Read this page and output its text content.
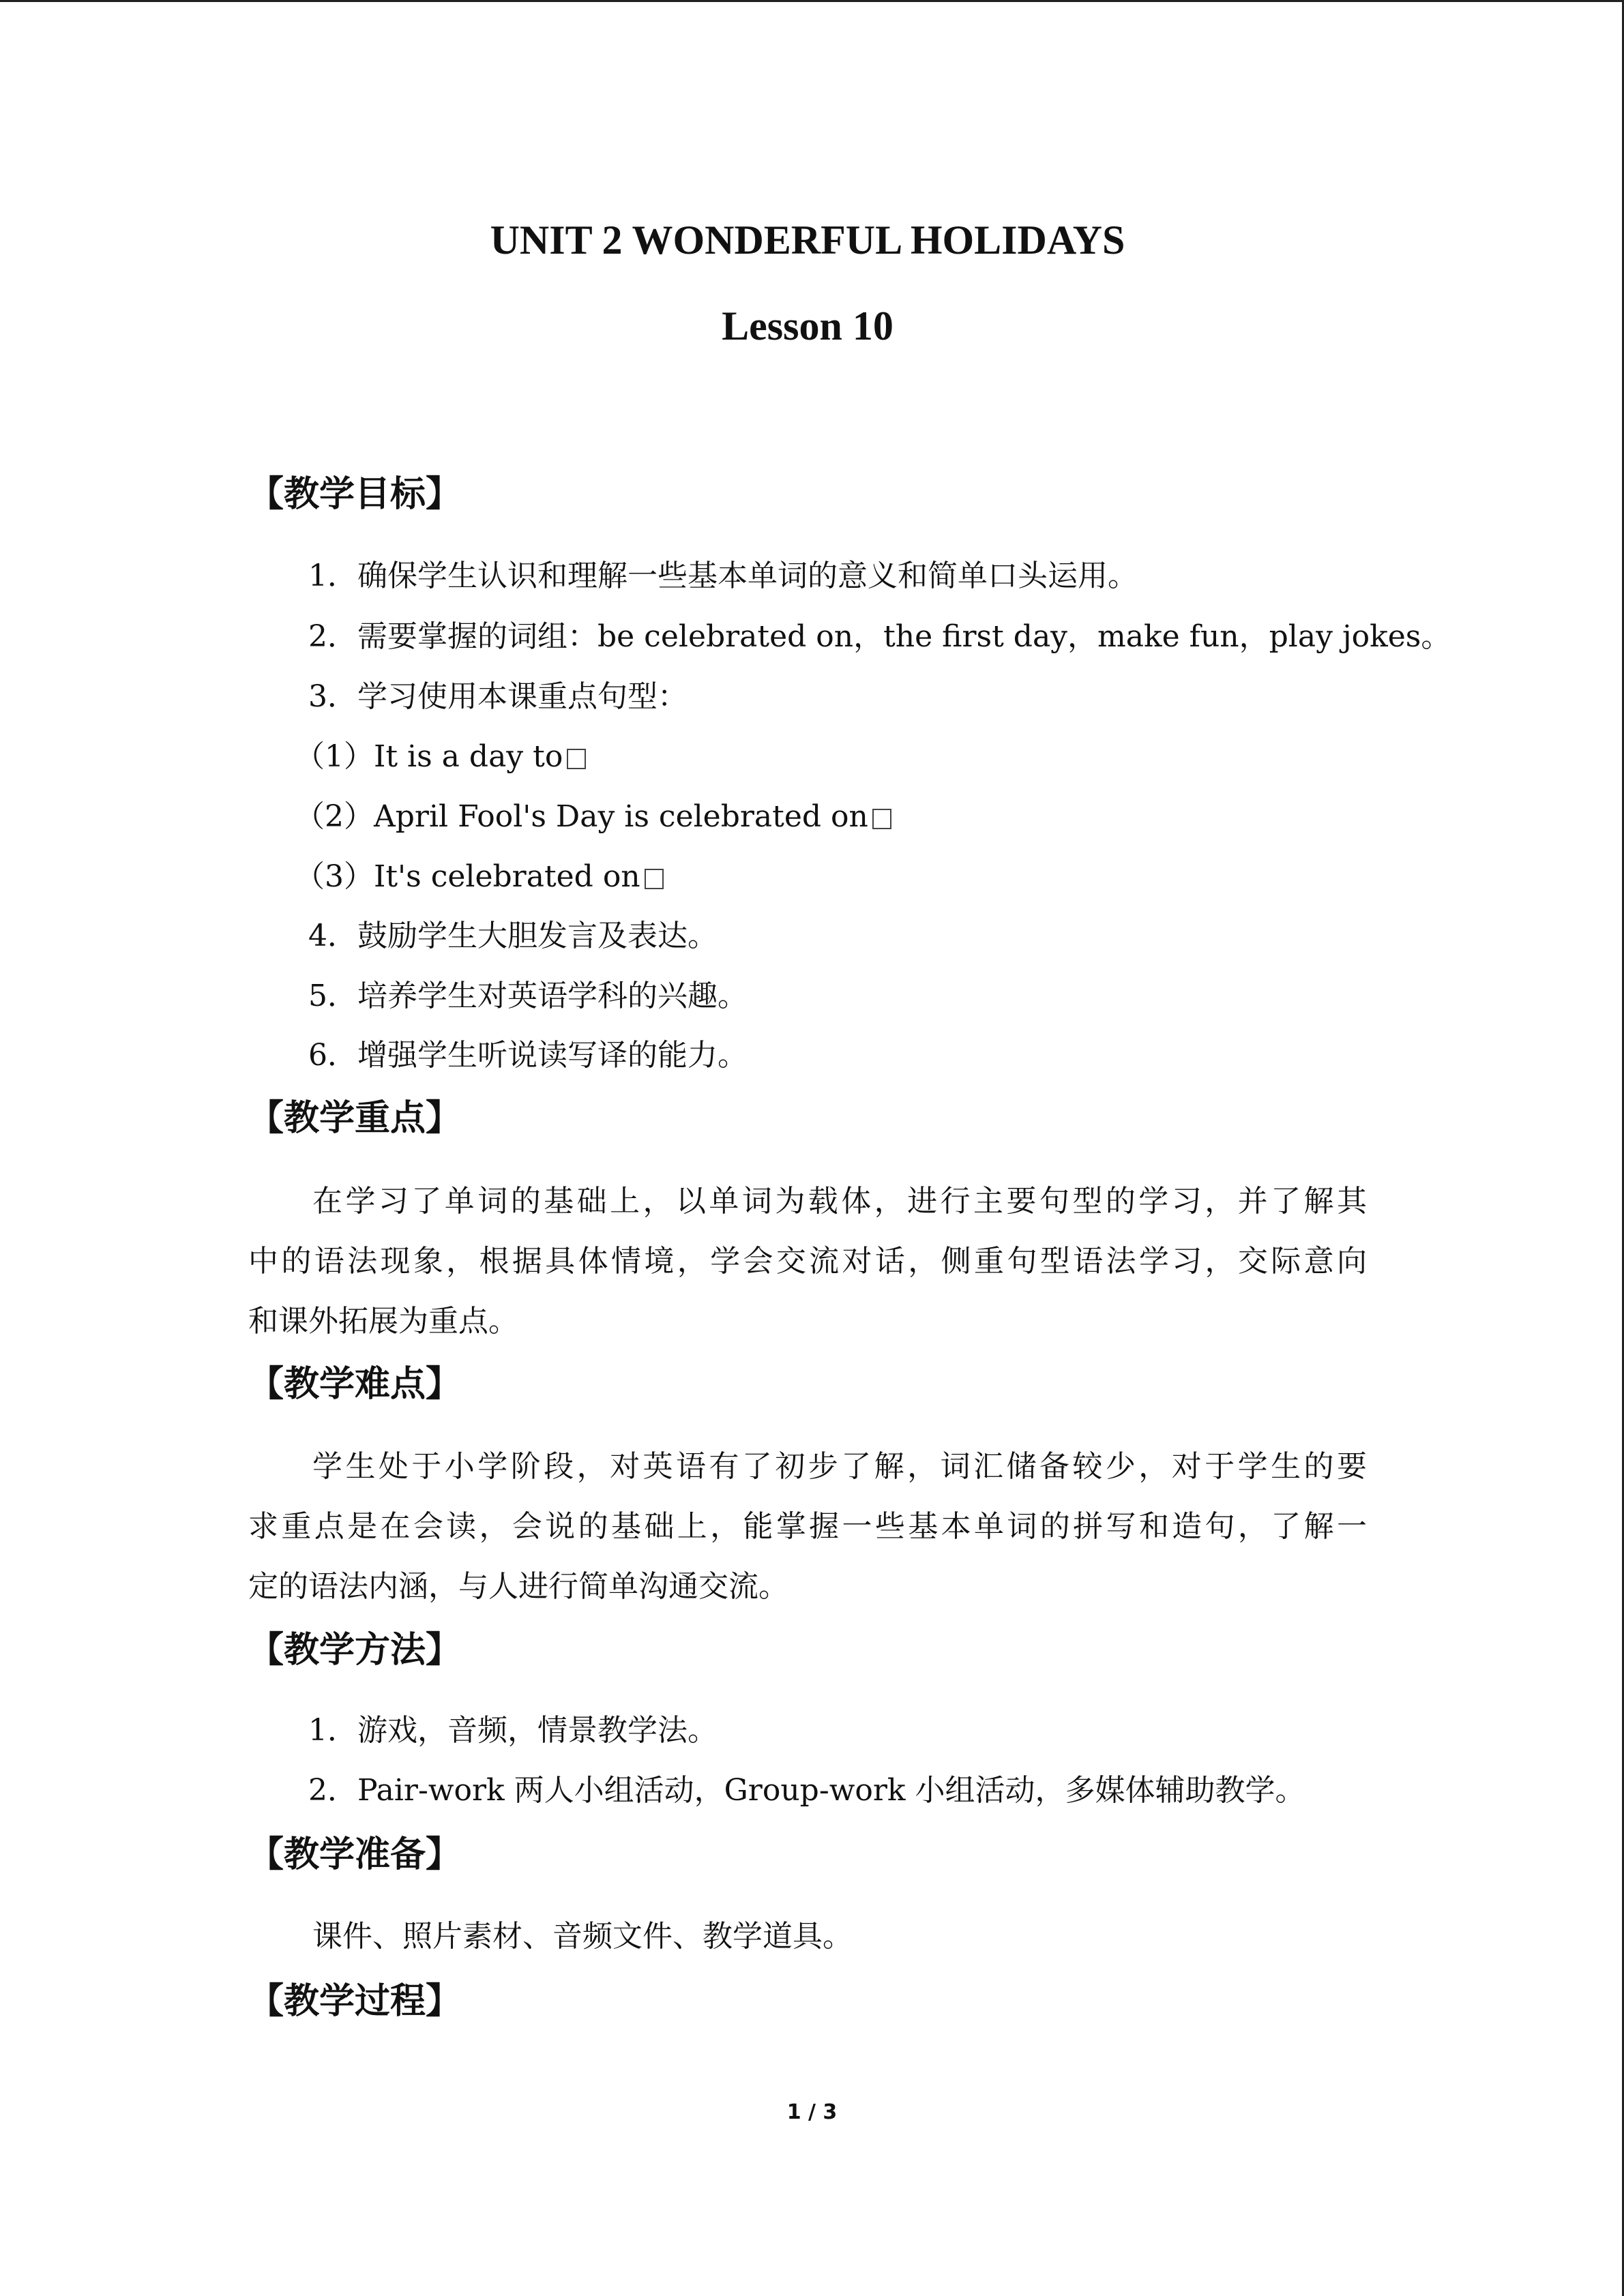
UNIT 2 WONDERFUL HOLIDAYS
Lesson 10
【教学目标】
1．确保学生认识和理解一些基本单词的意义和简单口头运用。
2．需要掌握的词组：be celebrated on，the first day，make fun，play jokes。
3．学习使用本课重点句型：
（1）It is a day to
（2）April Fool's Day is celebrated on
（3）It's celebrated on
4．鼓励学生大胆发言及表达。
5．培养学生对英语学科的兴趣。
6．增强学生听说读写译的能力。
【教学重点】
在学习了单词的基础上，以单词为载体，进行主要句型的学习，并了解其
中的语法现象，根据具体情境，学会交流对话，侧重句型语法学习，交际意向
和课外拓展为重点。
【教学难点】
学生处于小学阶段，对英语有了初步了解，词汇储备较少，对于学生的要
求重点是在会读，会说的基础上，能掌握一些基本单词的拼写和造句，了解一
定的语法内涵，与人进行简单沟通交流。
【教学方法】
1．游戏，音频，情景教学法。
2．Pair-work 两人小组活动，Group-work 小组活动，多媒体辅助教学。
【教学准备】
课件、照片素材、音频文件、教学道具。
【教学过程】
1 / 3
